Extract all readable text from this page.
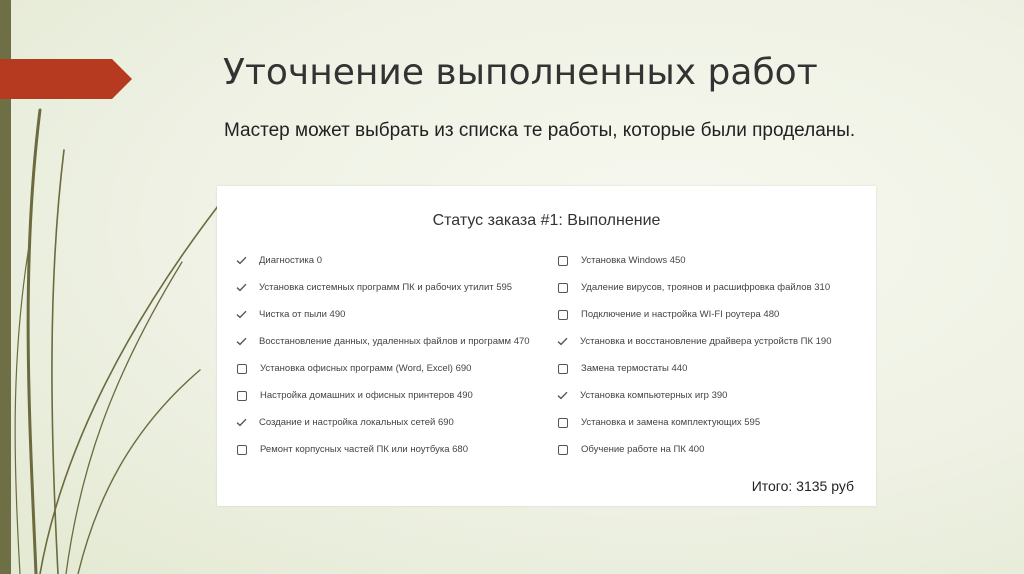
Уточнение выполненных работ

Мастер может выбрать из списка те работы, которые были проделаны.

Статус заказа #1: Выполнение
Диагностика 0
Установка системных программ ПК и рабочих утилит 595
Чистка от пыли 490
Восстановление данных, удаленных файлов и программ 470
Установка офисных программ (Word, Excel) 690
Настройка домашних и офисных принтеров 490
Создание и настройка локальных сетей 690
Ремонт корпусных частей ПК или ноутбука 680
Установка Windows 450
Удаление вирусов, троянов и расшифровка файлов 310
Подключение и настройка WI-FI роутера 480
Установка и восстановление драйвера устройств ПК 190
Замена термостаты 440
Установка компьютерных игр 390
Установка и замена комплектующих 595
Обучение работе на ПК 400
Итого: 3135 руб
